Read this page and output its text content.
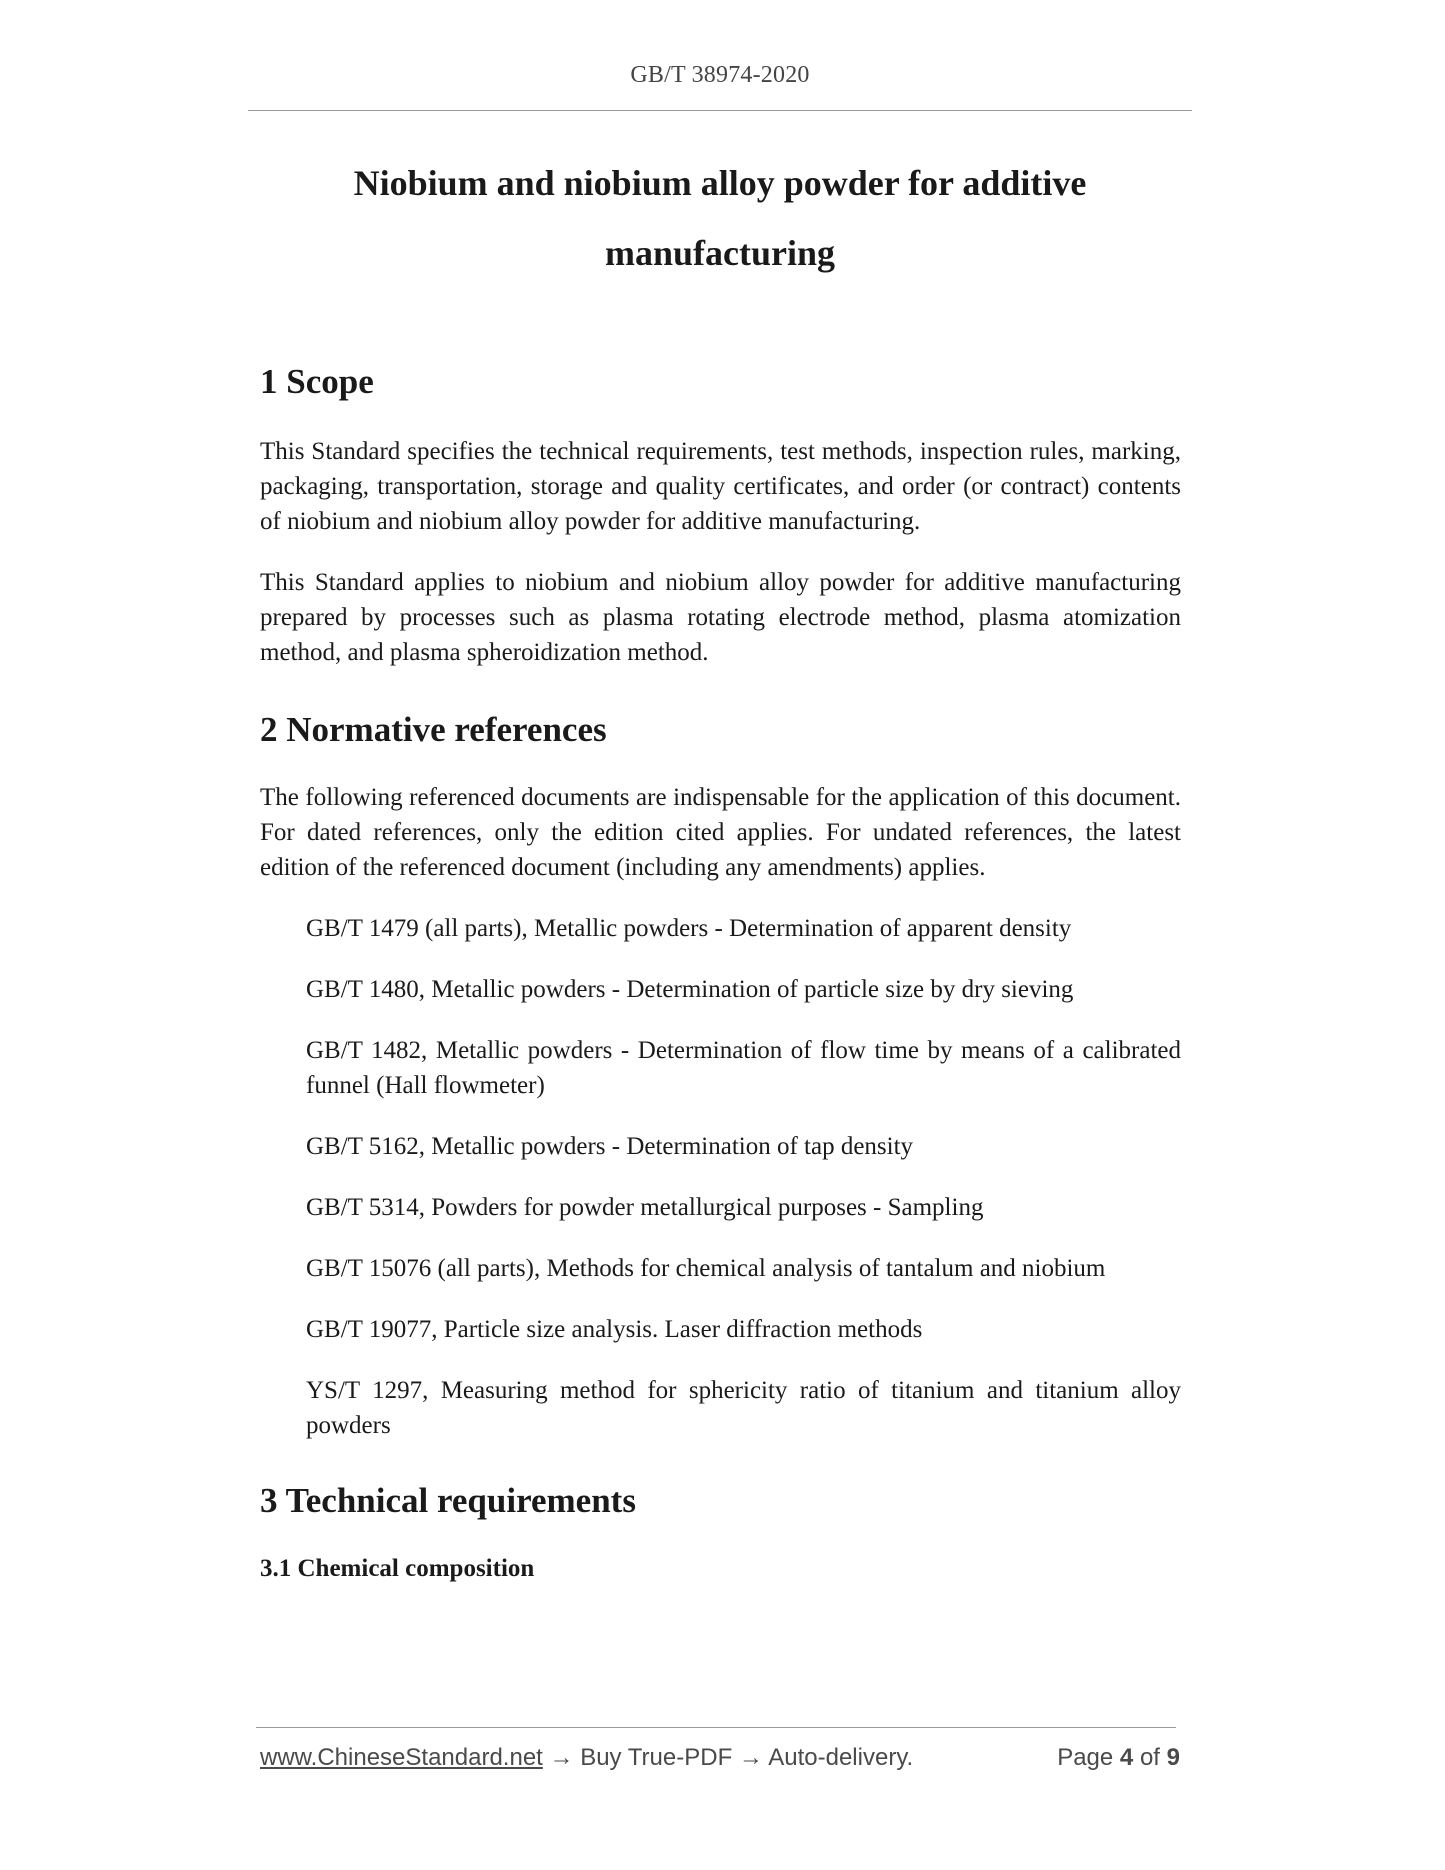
GB/T 38974-2020
Niobium and niobium alloy powder for additive
manufacturing
1 Scope

This Standard specifies the technical requirements, test methods, inspection rules, marking, packaging, transportation, storage and quality certificates, and order (or contract) contents of niobium and niobium alloy powder for additive manufacturing.

This Standard applies to niobium and niobium alloy powder for additive manufacturing prepared by processes such as plasma rotating electrode method, plasma atomization method, and plasma spheroidization method.

2 Normative references

The following referenced documents are indispensable for the application of this document. For dated references, only the edition cited applies. For undated references, the latest edition of the referenced document (including any amendments) applies.

GB/T 1479 (all parts), Metallic powders - Determination of apparent density
GB/T 1480, Metallic powders - Determination of particle size by dry sieving
GB/T 1482, Metallic powders - Determination of flow time by means of a calibrated funnel (Hall flowmeter)
GB/T 5162, Metallic powders - Determination of tap density
GB/T 5314, Powders for powder metallurgical purposes - Sampling
GB/T 15076 (all parts), Methods for chemical analysis of tantalum and niobium
GB/T 19077, Particle size analysis. Laser diffraction methods
YS/T 1297, Measuring method for sphericity ratio of titanium and titanium alloy powders
3 Technical requirements
3.1 Chemical composition
www.ChineseStandard.net → Buy True-PDF → Auto-delivery.	Page 4 of 9
